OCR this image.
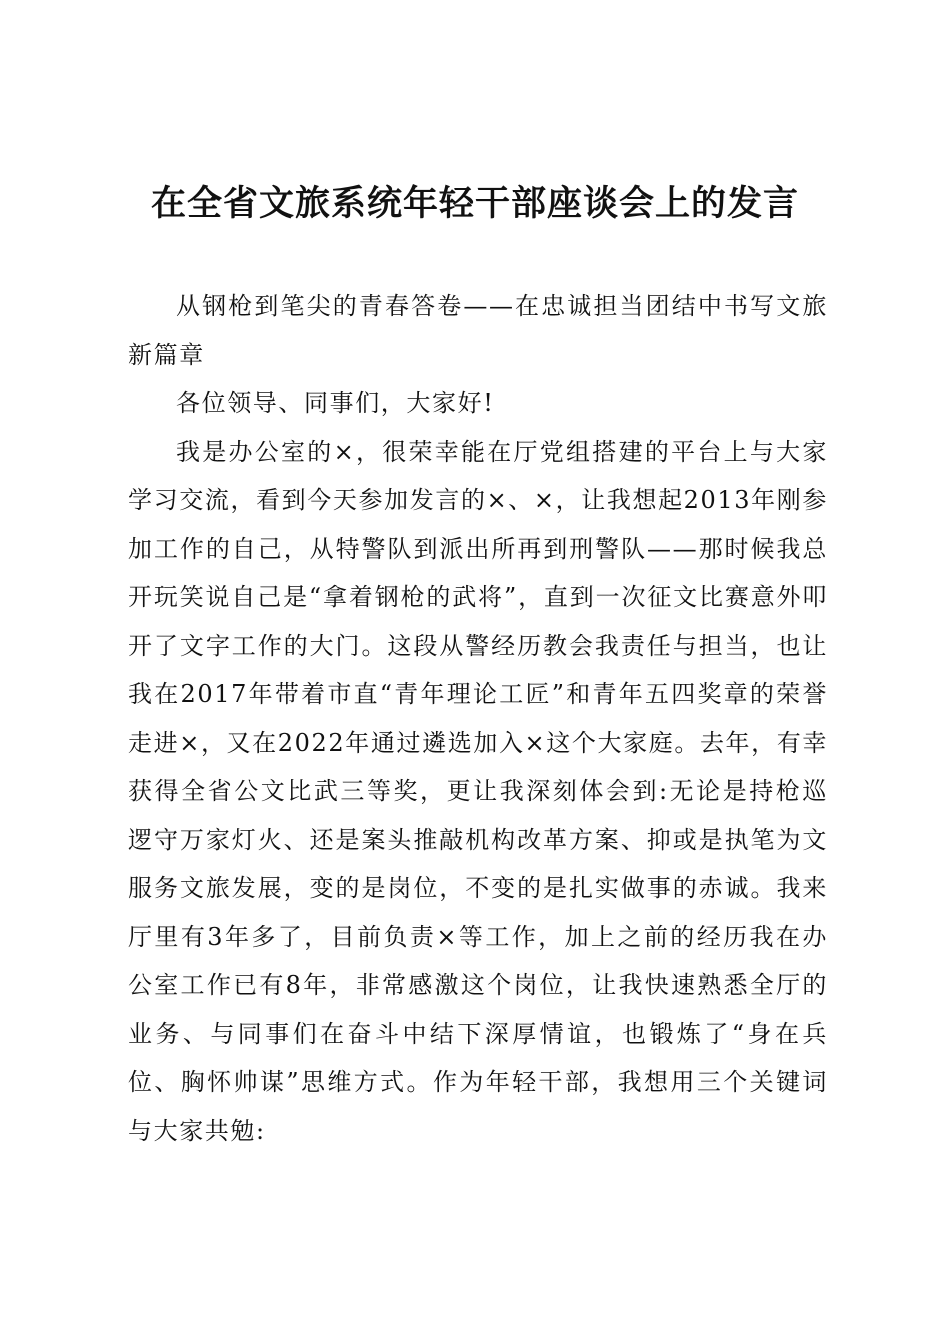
在全省文旅系统年轻干部座谈会上的发言

从钢枪到笔尖的青春答卷——在忠诚担当团结中书写文旅新篇章

各位领导、同事们，大家好!

我是办公室的×，很荣幸能在厅党组搭建的平台上与大家学习交流，看到今天参加发言的×、×，让我想起2013年刚参加工作的自己，从特警队到派出所再到刑警队——那时候我总开玩笑说自己是“拿着钢枪的武将”，直到一次征文比赛意外叩开了文字工作的大门。这段从警经历教会我责任与担当，也让我在2017年带着市直“青年理论工匠”和青年五四奖章的荣誉走进×，又在2022年通过遴选加入×这个大家庭。去年，有幸获得全省公文比武三等奖，更让我深刻体会到:无论是持枪巡逻守万家灯火、还是案头推敲机构改革方案、抑或是执笔为文服务文旅发展，变的是岗位，不变的是扎实做事的赤诚。我来厅里有3年多了，目前负责×等工作，加上之前的经历我在办公室工作已有8年，非常感激这个岗位，让我快速熟悉全厅的业务、与同事们在奋斗中结下深厚情谊，也锻炼了“身在兵位、胸怀帅谋”思维方式。作为年轻干部，我想用三个关键词与大家共勉:
